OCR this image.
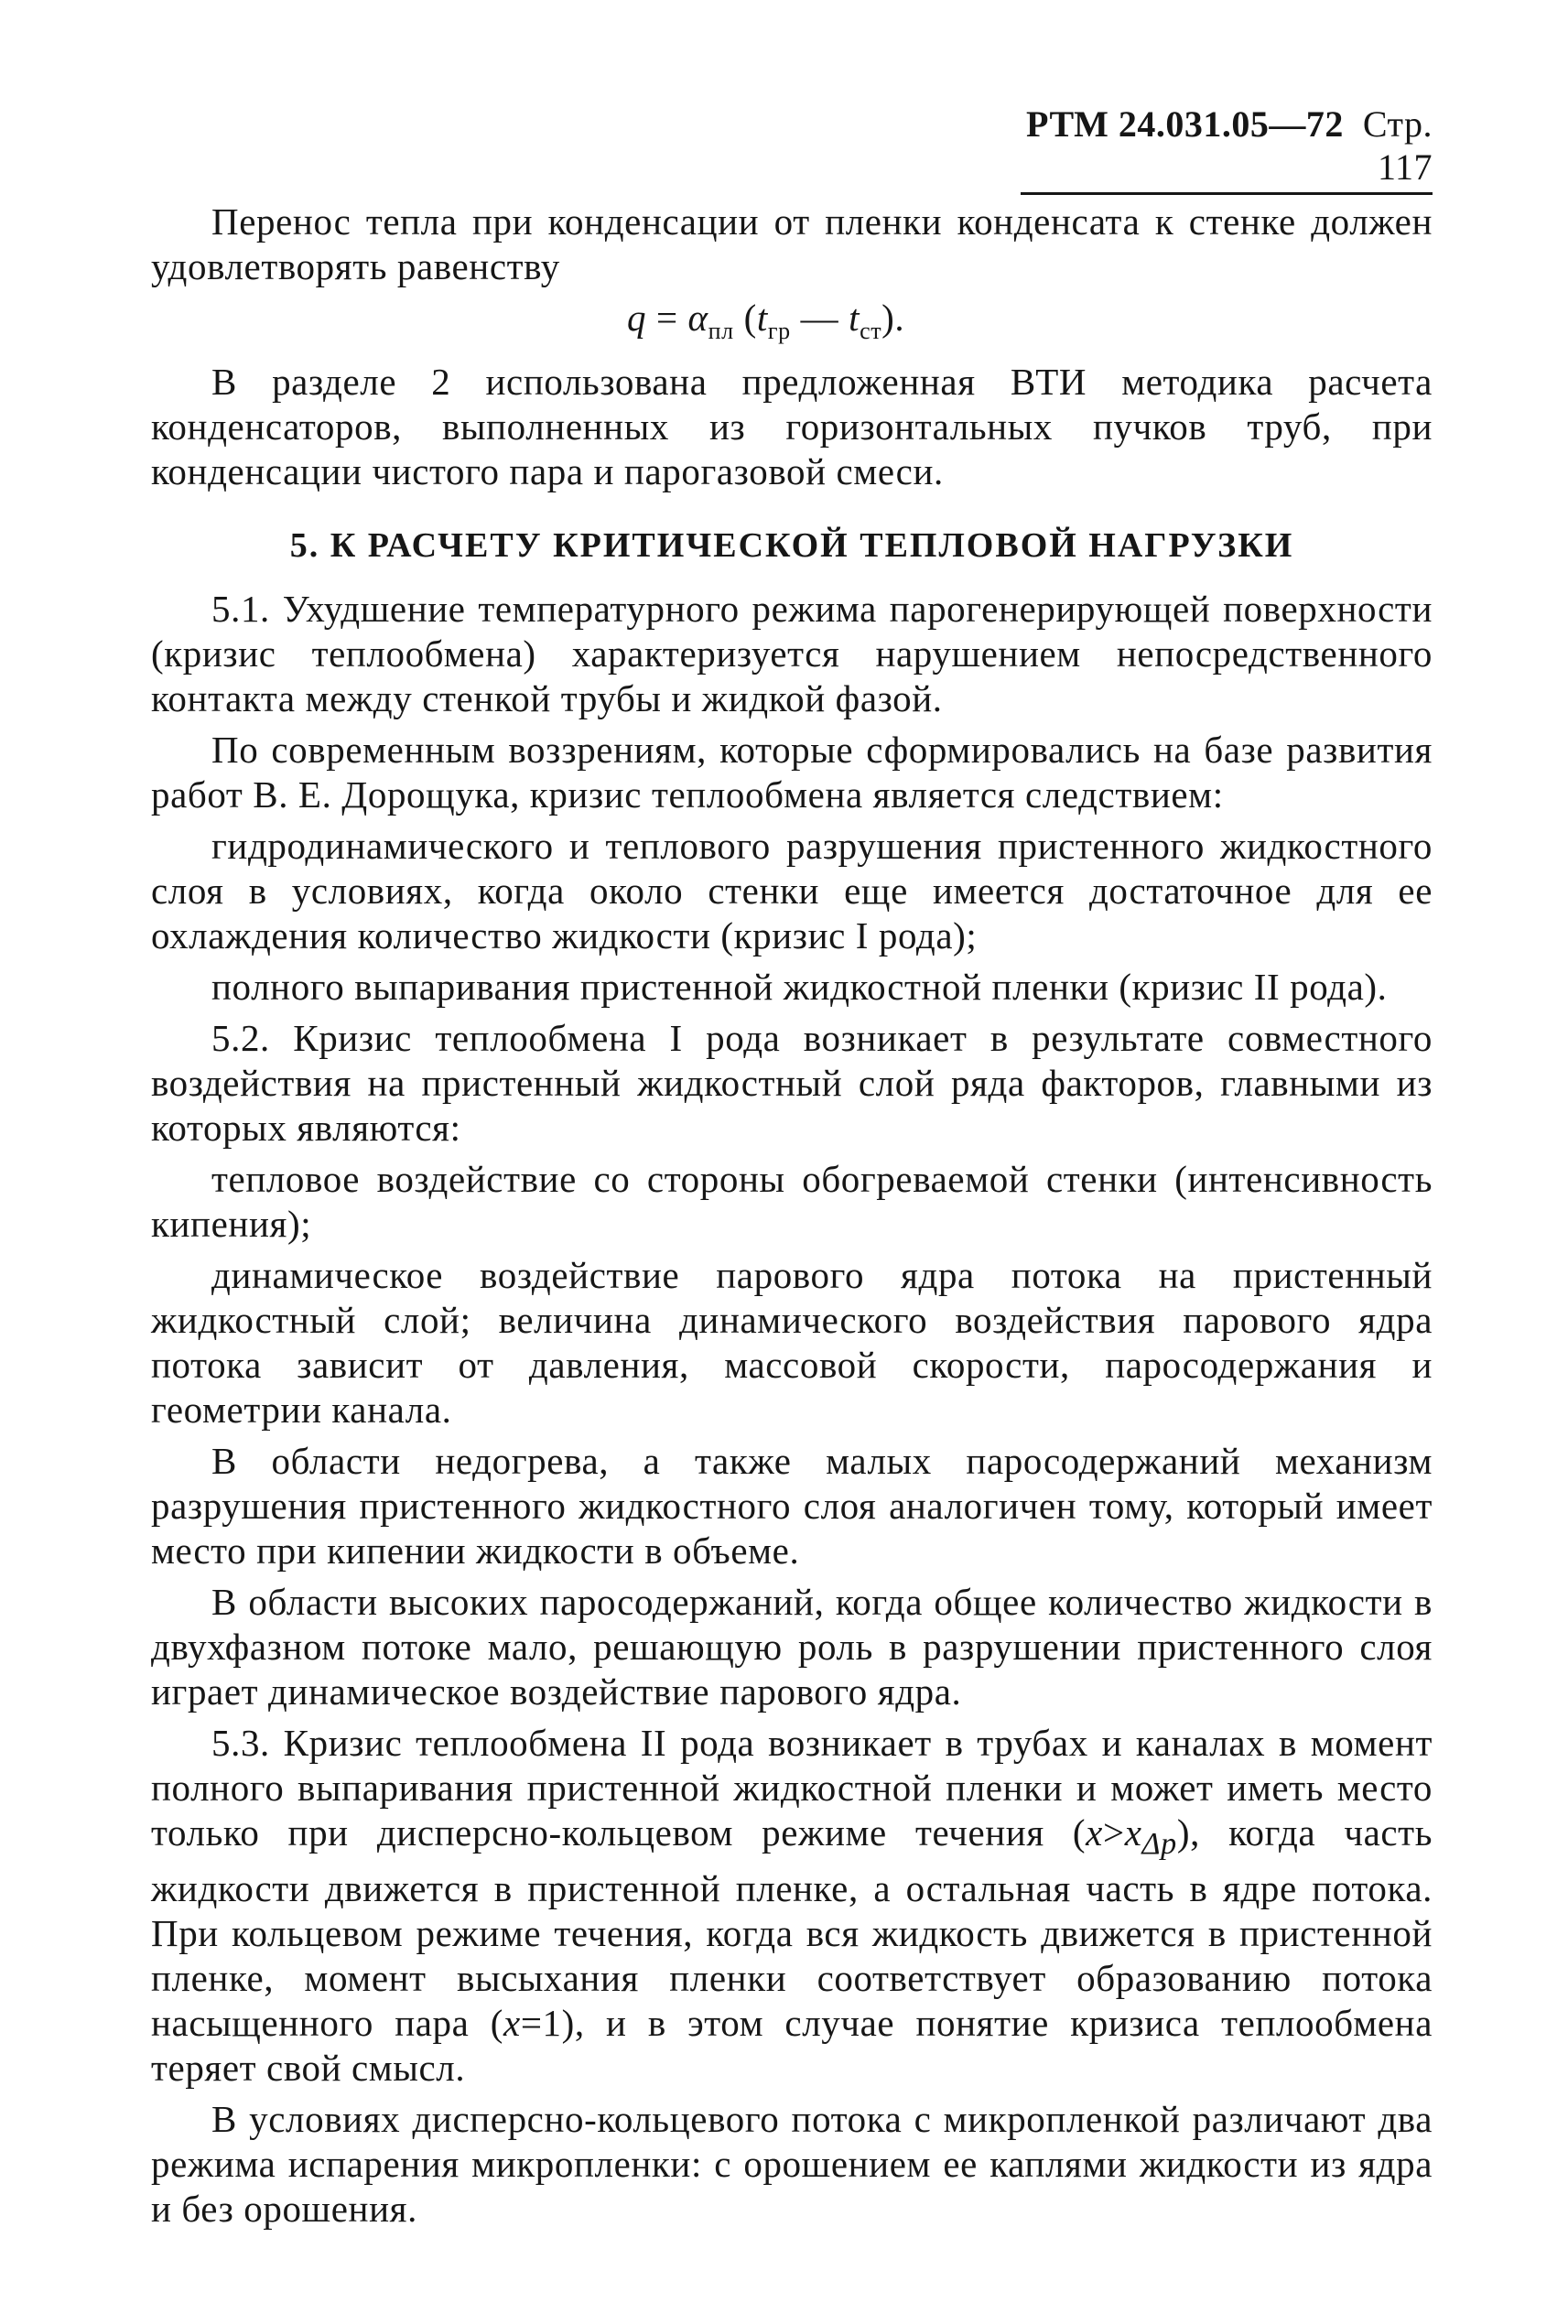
РТМ 24.031.05—72 Стр. 117

Перенос тепла при конденсации от пленки конденсата к стенке должен удовлетворять равенству

$q = \alpha_{пл}$ ($t_{гр}$ — $t_{ст}$).

В разделе 2 использована предложенная ВТИ методика расчета конденсаторов, выполненных из горизонтальных пучков труб, при конденсации чистого пара и парогазовой смеси.

5. К РАСЧЕТУ КРИТИЧЕСКОЙ ТЕПЛОВОЙ НАГРУЗКИ

5.1. Ухудшение температурного режима парогенерирующей поверхности (кризис теплообмена) характеризуется нарушением непосредственного контакта между стенкой трубы и жидкой фазой.

По современным воззрениям, которые сформировались на базе развития работ В. Е. Дорощука, кризис теплообмена является следствием:

гидродинамического и теплового разрушения пристенного жидкостного слоя в условиях, когда около стенки еще имеется достаточное для ее охлаждения количество жидкости (кризис I рода);

полного выпаривания пристенной жидкостной пленки (кризис II рода).

5.2. Кризис теплообмена I рода возникает в результате совместного воздействия на пристенный жидкостный слой ряда факторов, главными из которых являются:

тепловое воздействие со стороны обогреваемой стенки (интенсивность кипения);

динамическое воздействие парового ядра потока на пристенный жидкостный слой; величина динамического воздействия парового ядра потока зависит от давления, массовой скорости, паросодержания и геометрии канала.

В области недогрева, а также малых паросодержаний механизм разрушения пристенного жидкостного слоя аналогичен тому, который имеет место при кипении жидкости в объеме.

В области высоких паросодержаний, когда общее количество жидкости в двухфазном потоке мало, решающую роль в разрушении пристенного слоя играет динамическое воздействие парового ядра.

5.3. Кризис теплообмена II рода возникает в трубах и каналах в момент полного выпаривания пристенной жидкостной пленки и может иметь место только при дисперсно-кольцевом режиме течения $(x>x_{\Delta р})$, когда часть жидкости движется в пристенной пленке, а остальная часть в ядре потока. При кольцевом режиме течения, когда вся жидкость движется в пристенной пленке, момент высыхания пленки соответствует образованию потока насыщенного пара (x=1), и в этом случае понятие кризиса теплообмена теряет свой смысл.

В условиях дисперсно-кольцевого потока с микропленкой различают два режима испарения микропленки: с орошением ее каплями жидкости из ядра и без орошения.
